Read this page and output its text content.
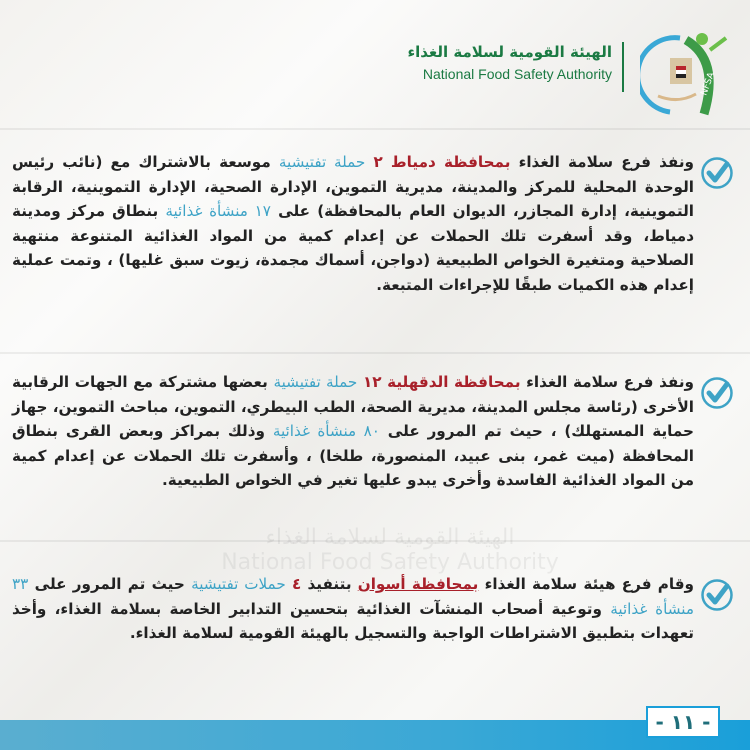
NFSA
الهيئة القومية لسلامة الغذاء
National Food Safety Authority
الهيئة القومية لسلامة الغذاء
National Food Safety Authority
ونفذ فرع سلامة الغذاء بمحافظة دمياط ٢ حملة تفتيشية موسعة بالاشتراك مع (نائب رئيس الوحدة المحلية للمركز والمدينة، مديرية التموين، الإدارة الصحية، الإدارة التموينية، الرقابة التموينية، إدارة المجازر، الديوان العام بالمحافظة) على ١٧ منشأة غذائية بنطاق مركز ومدينة دمياط، وقد أسفرت تلك الحملات عن إعدام كمية من المواد الغذائية المتنوعة منتهية الصلاحية ومتغيرة الخواص الطبيعية (دواجن، أسماك مجمدة، زيوت سبق غليها) ، وتمت عملية إعدام هذه الكميات طبقًا للإجراءات المتبعة.
ونفذ فرع سلامة الغذاء بمحافظة الدقهلية ١٢ حملة تفتيشية بعضها مشتركة مع الجهات الرقابية الأخرى (رئاسة مجلس المدينة، مديرية الصحة، الطب البيطري، التموين، مباحث التموين، جهاز حماية المستهلك) ، حيث تم المرور على ٨٠ منشأة غذائية وذلك بمراكز وبعض القرى بنطاق المحافظة (ميت غمر، بنى عبيد، المنصورة، طلخا) ، وأسفرت تلك الحملات عن إعدام كمية من المواد الغذائية الفاسدة وأخرى يبدو عليها تغير في الخواص الطبيعية.
وقام فرع هيئة سلامة الغذاء بمحافظة أسوان بتنفيذ ٤ حملات تفتيشية حيث تم المرور على ٣٣ منشأة غذائية وتوعية أصحاب المنشآت الغذائية بتحسين التدابير الخاصة بسلامة الغذاء، وأخذ تعهدات بتطبيق الاشتراطات الواجبة والتسجيل بالهيئة القومية لسلامة الغذاء.
- ١١ -
